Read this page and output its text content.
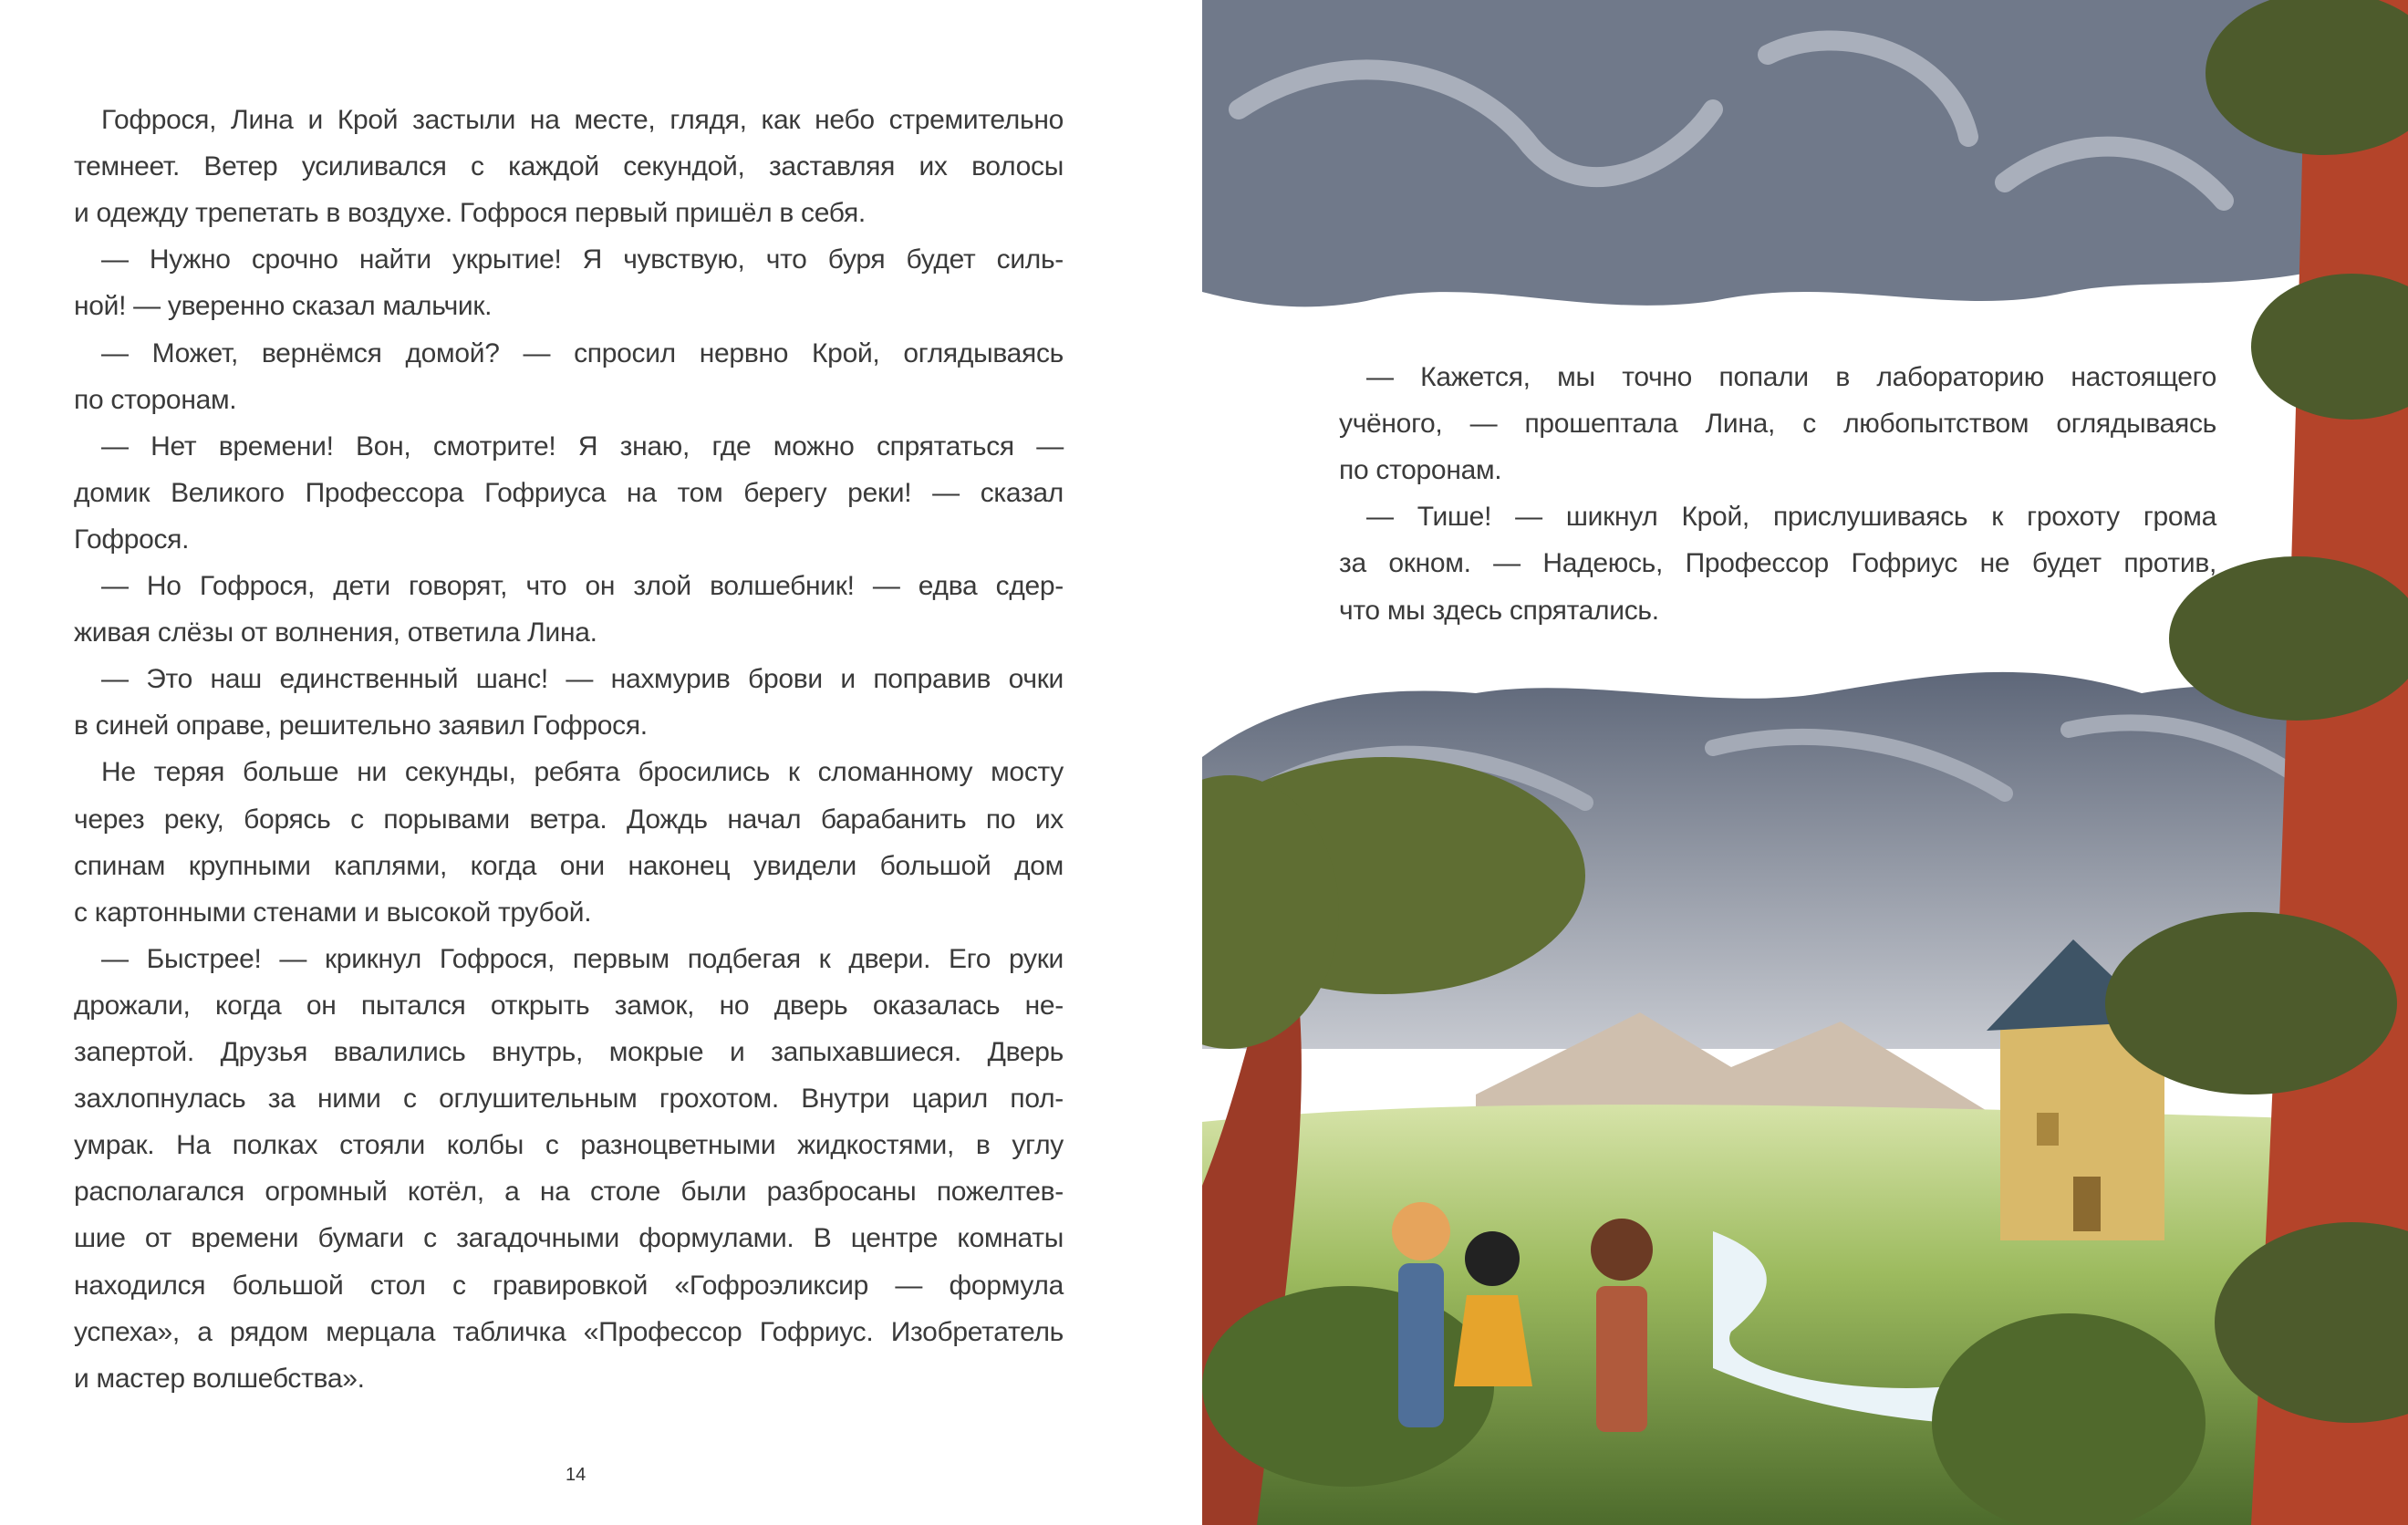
Гофрося, Лина и Крой застыли на месте, глядя, как небо стремительно
темнеет. Ветер усиливался с каждой секундой, заставляя их волосы
и одежду трепетать в воздухе. Гофрося первый пришёл в себя.
— Нужно срочно найти укрытие! Я чувствую, что буря будет силь-
ной! — уверенно сказал мальчик.
— Может, вернёмся домой? — спросил нервно Крой, оглядываясь
по сторонам.
— Нет времени! Вон, смотрите! Я знаю, где можно спрятаться —
домик Великого Профессора Гофриуса на том берегу реки! — сказал
Гофрося.
— Но Гофрося, дети говорят, что он злой волшебник! — едва сдер-
живая слёзы от волнения, ответила Лина.
— Это наш единственный шанс! — нахмурив брови и поправив очки
в синей оправе, решительно заявил Гофрося.
Не теряя больше ни секунды, ребята бросились к сломанному мосту
через реку, борясь с порывами ветра. Дождь начал барабанить по их
спинам крупными каплями, когда они наконец увидели большой дом
с картонными стенами и высокой трубой.
— Быстрее! — крикнул Гофрося, первым подбегая к двери. Его руки
дрожали, когда он пытался открыть замок, но дверь оказалась не-
запертой. Друзья ввалились внутрь, мокрые и запыхавшиеся. Дверь
захлопнулась за ними с оглушительным грохотом. Внутри царил пол-
умрак. На полках стояли колбы с разноцветными жидкостями, в углу
располагался огромный котёл, а на столе были разбросаны пожелтев-
шие от времени бумаги с загадочными формулами. В центре комнаты
находился большой стол с гравировкой «Гофроэликсир — формула
успеха», а рядом мерцала табличка «Профессор Гофриус. Изобретатель
и мастер волшебства».
14
— Кажется, мы точно попали в лабораторию настоящего
учёного, — прошептала Лина, с любопытством оглядываясь
по сторонам.
— Тише! — шикнул Крой, прислушиваясь к грохоту грома
за окном. — Надеюсь, Профессор Гофриус не будет против,
что мы здесь спрятались.
